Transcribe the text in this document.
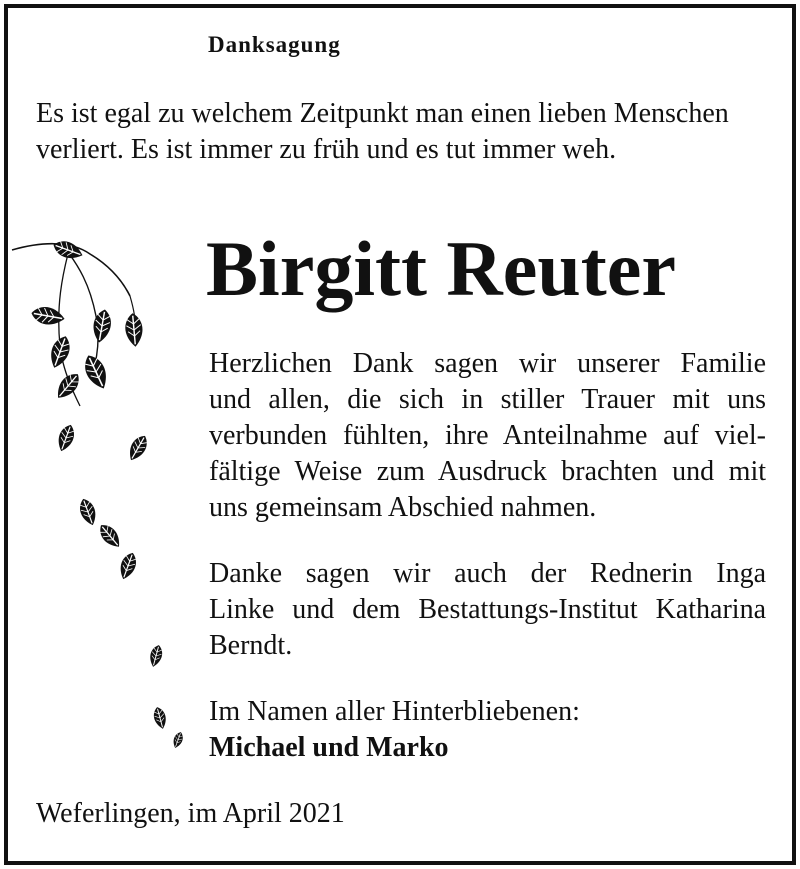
Danksagung

Es ist egal zu welchem Zeitpunkt man einen lieben Menschen
verliert. Es ist immer zu früh und es tut immer weh.

Birgitt Reuter

Herzlichen Dank sagen wir unserer Familie
und allen, die sich in stiller Trauer mit uns
verbunden fühlten, ihre Anteilnahme auf viel-
fältige Weise zum Ausdruck brachten und mit
uns gemeinsam Abschied nahmen.

Danke sagen wir auch der Rednerin Inga
Linke und dem Bestattungs-Institut Katharina
Berndt.

Im Namen aller Hinterbliebenen:
Michael und Marko

Weferlingen, im April 2021
